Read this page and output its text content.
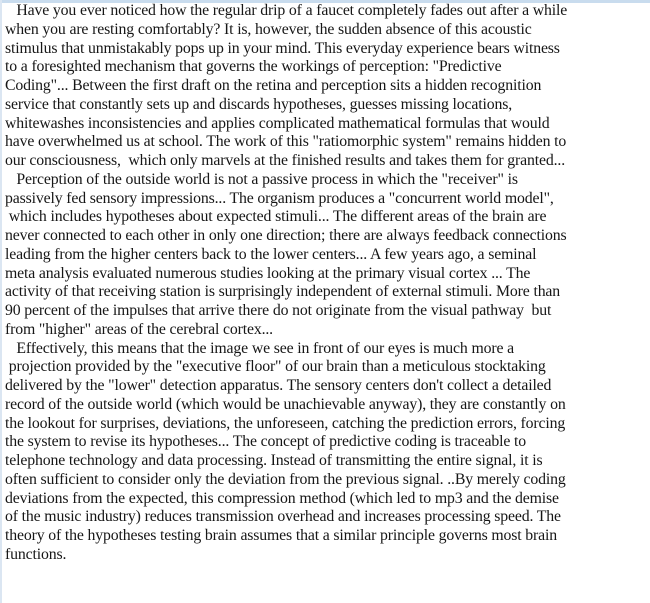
Have you ever noticed how the regular drip of a faucet completely fades out after a while
when you are resting comfortably? It is, however, the sudden absence of this acoustic
stimulus that unmistakably pops up in your mind. This everyday experience bears witness
to a foresighted mechanism that governs the workings of perception: "Predictive
Coding"... Between the first draft on the retina and perception sits a hidden recognition
service that constantly sets up and discards hypotheses, guesses missing locations,
whitewashes inconsistencies and applies complicated mathematical formulas that would
have overwhelmed us at school. The work of this "ratiomorphic system" remains hidden to
our consciousness,  which only marvels at the finished results and takes them for granted...
Perception of the outside world is not a passive process in which the "receiver" is
passively fed sensory impressions... The organism produces a "concurrent world model",
which includes hypotheses about expected stimuli... The different areas of the brain are
never connected to each other in only one direction; there are always feedback connections
leading from the higher centers back to the lower centers... A few years ago, a seminal
meta analysis evaluated numerous studies looking at the primary visual cortex ... The
activity of that receiving station is surprisingly independent of external stimuli. More than
90 percent of the impulses that arrive there do not originate from the visual pathway  but
from "higher" areas of the cerebral cortex...
Effectively, this means that the image we see in front of our eyes is much more a
projection provided by the "executive floor" of our brain than a meticulous stocktaking
delivered by the "lower" detection apparatus. The sensory centers don't collect a detailed
record of the outside world (which would be unachievable anyway), they are constantly on
the lookout for surprises, deviations, the unforeseen, catching the prediction errors, forcing
the system to revise its hypotheses... The concept of predictive coding is traceable to
telephone technology and data processing. Instead of transmitting the entire signal, it is
often sufficient to consider only the deviation from the previous signal. ..By merely coding
deviations from the expected, this compression method (which led to mp3 and the demise
of the music industry) reduces transmission overhead and increases processing speed. The
theory of the hypotheses testing brain assumes that a similar principle governs most brain
functions.
